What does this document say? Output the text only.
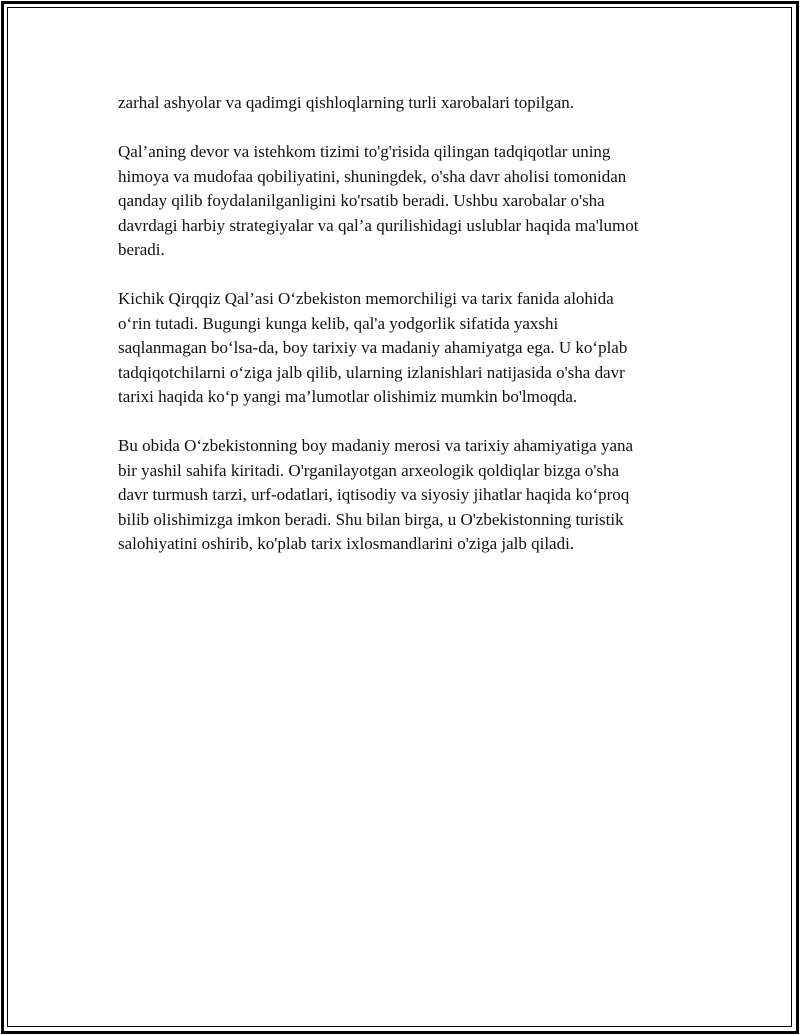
zarhal ashyolar va qadimgi qishloqlarning turli xarobalari topilgan.

Qal’aning devor va istehkom tizimi to'g'risida qilingan tadqiqotlar uning
himoya va mudofaa qobiliyatini, shuningdek, o'sha davr aholisi tomonidan
qanday qilib foydalanilganligini ko'rsatib beradi. Ushbu xarobalar o'sha
davrdagi harbiy strategiyalar va qal’a qurilishidagi uslublar haqida ma'lumot
beradi.

Kichik Qirqqiz Qal’asi O‘zbekiston memorchiligi va tarix fanida alohida
o‘rin tutadi. Bugungi kunga kelib, qal'a yodgorlik sifatida yaxshi
saqlanmagan bo‘lsa-da, boy tarixiy va madaniy ahamiyatga ega. U ko‘plab
tadqiqotchilarni o‘ziga jalb qilib, ularning izlanishlari natijasida o'sha davr
tarixi haqida ko‘p yangi ma’lumotlar olishimiz mumkin bo'lmoqda.

Bu obida O‘zbekistonning boy madaniy merosi va tarixiy ahamiyatiga yana
bir yashil sahifa kiritadi. O'rganilayotgan arxeologik qoldiqlar bizga o'sha
davr turmush tarzi, urf-odatlari, iqtisodiy va siyosiy jihatlar haqida ko‘proq
bilib olishimizga imkon beradi. Shu bilan birga, u O'zbekistonning turistik
salohiyatini oshirib, ko'plab tarix ixlosmandlarini o'ziga jalb qiladi.
